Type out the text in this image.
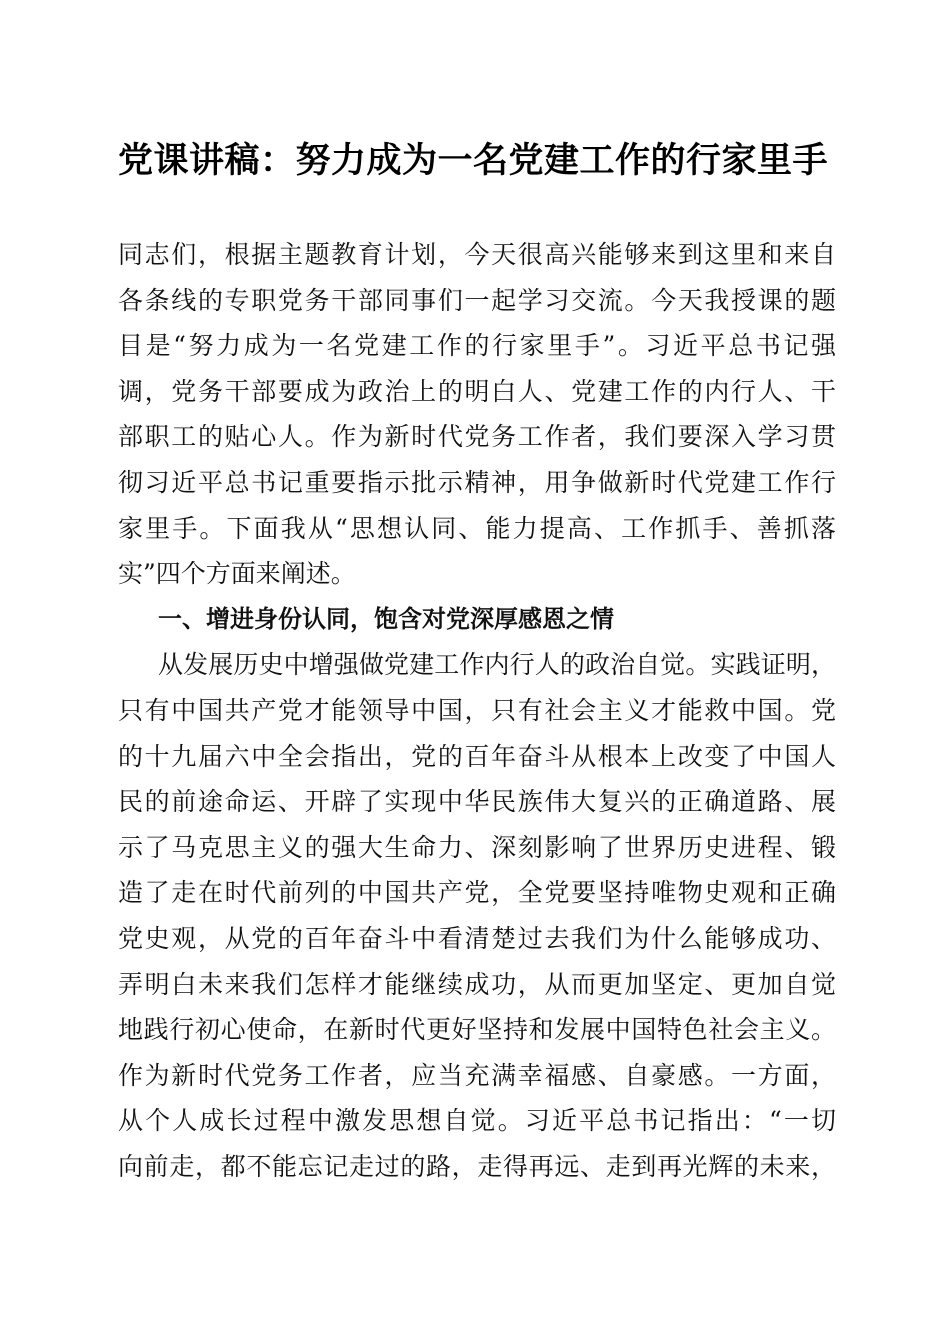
党课讲稿：努力成为一名党建工作的行家里手
同志们，根据主题教育计划，今天很高兴能够来到这里和来自
各条线的专职党务干部同事们一起学习交流。今天我授课的题
目是“努力成为一名党建工作的行家里手”。习近平总书记强
调，党务干部要成为政治上的明白人、党建工作的内行人、干
部职工的贴心人。作为新时代党务工作者，我们要深入学习贯
彻习近平总书记重要指示批示精神，用争做新时代党建工作行
家里手。下面我从“思想认同、能力提高、工作抓手、善抓落
实”四个方面来阐述。
一、增进身份认同，饱含对党深厚感恩之情
从发展历史中增强做党建工作内行人的政治自觉。实践证明，
只有中国共产党才能领导中国，只有社会主义才能救中国。党
的十九届六中全会指出，党的百年奋斗从根本上改变了中国人
民的前途命运、开辟了实现中华民族伟大复兴的正确道路、展
示了马克思主义的强大生命力、深刻影响了世界历史进程、锻
造了走在时代前列的中国共产党，全党要坚持唯物史观和正确
党史观，从党的百年奋斗中看清楚过去我们为什么能够成功、
弄明白未来我们怎样才能继续成功，从而更加坚定、更加自觉
地践行初心使命，在新时代更好坚持和发展中国特色社会主义。
作为新时代党务工作者，应当充满幸福感、自豪感。一方面，
从个人成长过程中激发思想自觉。习近平总书记指出：“一切
向前走，都不能忘记走过的路，走得再远、走到再光辉的未来，
